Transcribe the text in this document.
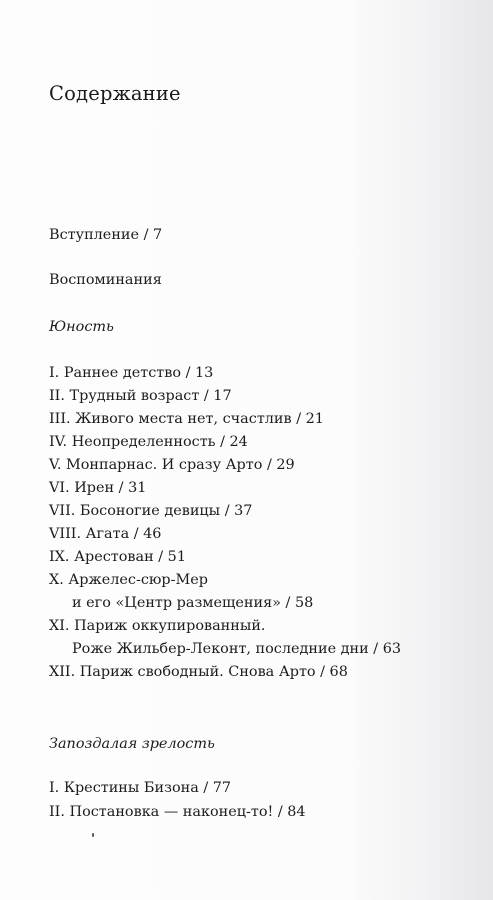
Содержание
Вступление / 7
Воспоминания
Юность
I. Раннее детство / 13
II. Трудный возраст / 17
III. Живого места нет, счастлив / 21
IV. Неопределенность / 24
V. Монпарнас. И сразу Арто / 29
VI. Ирен / 31
VII. Босоногие девицы / 37
VIII. Агата / 46
IX. Арестован / 51
X. Аржелес-сюр-Мер
и его «Центр размещения» / 58
XI. Париж оккупированный.
Роже Жильбер-Леконт, последние дни / 63
XII. Париж свободный. Снова Арто / 68
Запоздалая зрелость
I. Крестины Бизона / 77
II. Постановка — наконец-то! / 84
